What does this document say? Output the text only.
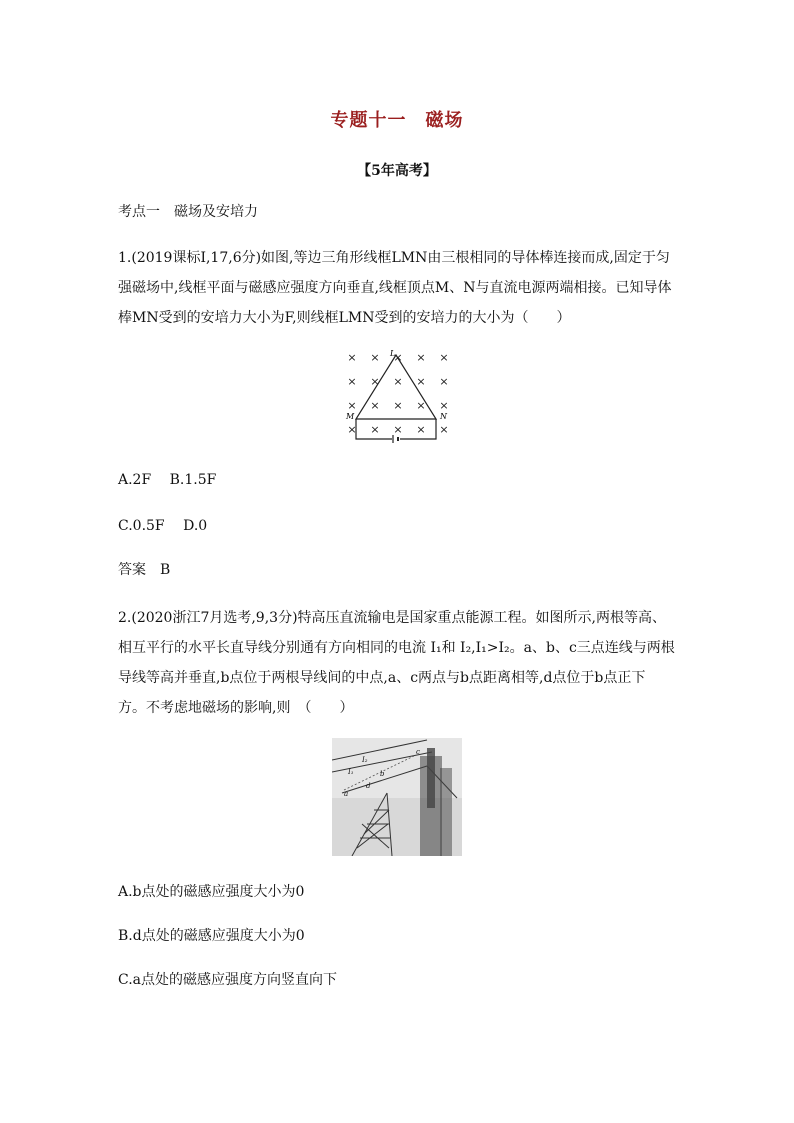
专题十一　磁场
【5年高考】
考点一　磁场及安培力
1.(2019课标Ⅰ,17,6分)如图,等边三角形线框LMN由三根相同的导体棒连接而成,固定于匀
强磁场中,线框平面与磁感应强度方向垂直,线框顶点M、N与直流电源两端相接。已知导体
棒MN受到的安培力大小为F,则线框LMN受到的安培力的大小为（　　）
× × × × ×
× × × × ×
× × × × ×
× × × × ×
L
M	N
A.2F　 B.1.5F
C.0.5F　 D.0
答案　B
2.(2020浙江7月选考,9,3分)特高压直流输电是国家重点能源工程。如图所示,两根等高、
相互平行的水平长直导线分别通有方向相同的电流 I₁和 I₂,I₁>I₂。a、b、c三点连线与两根
导线等高并垂直,b点位于两根导线间的中点,a、c两点与b点距离相等,d点位于b点正下
方。不考虑地磁场的影响,则　（　　）
I₂
I₁
c
b
a
d
A.b点处的磁感应强度大小为0
B.d点处的磁感应强度大小为0
C.a点处的磁感应强度方向竖直向下
